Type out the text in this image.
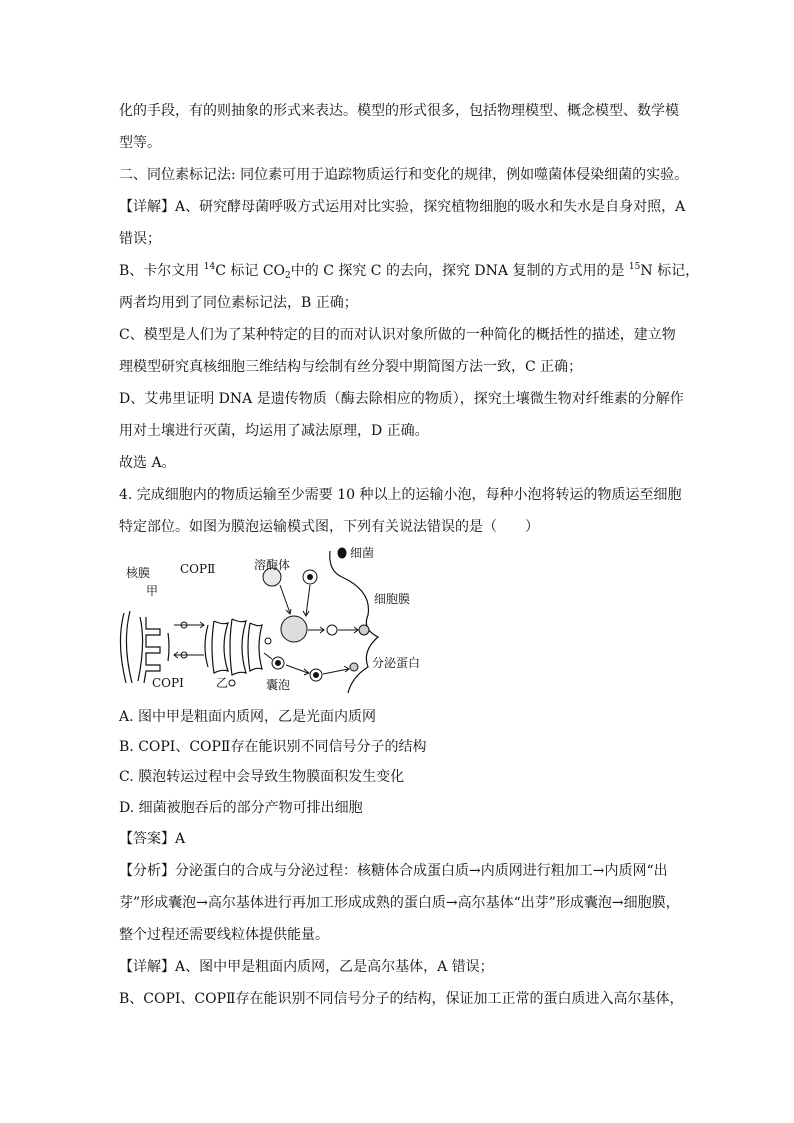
化的手段，有的则抽象的形式来表达。模型的形式很多，包括物理模型、概念模型、数学模
型等。
二、同位素标记法: 同位素可用于追踪物质运行和变化的规律，例如噬菌体侵染细菌的实验。
【详解】A、研究酵母菌呼吸方式运用对比实验，探究植物细胞的吸水和失水是自身对照，A
错误；
B、卡尔文用 $^{14}$C 标记 $CO_2$中的 C 探究 C 的去向，探究 DNA 复制的方式用的是 $^{15}$N 标记，
两者均用到了同位素标记法，B 正确；
C、模型是人们为了某种特定的目的而对认识对象所做的一种简化的概括性的描述，建立物
理模型研究真核细胞三维结构与绘制有丝分裂中期简图方法一致，C 正确；
D、艾弗里证明 DNA 是遗传物质（酶去除相应的物质），探究土壤微生物对纤维素的分解作
用对土壤进行灭菌，均运用了减法原理，D 正确。
故选 A。
4. 完成细胞内的物质运输至少需要 10 种以上的运输小泡，每种小泡将转运的物质运至细胞
特定部位。如图为膜泡运输模式图，下列有关说法错误的是（　　）
核膜
甲
COPⅡ
COPⅠ	乙
溶酶体
细菌
细胞膜
囊泡
分泌蛋白
A. 图中甲是粗面内质网，乙是光面内质网
B. COPⅠ、COPⅡ存在能识别不同信号分子的结构
C. 膜泡转运过程中会导致生物膜面积发生变化
D. 细菌被胞吞后的部分产物可排出细胞
【答案】A
【分析】分泌蛋白的合成与分泌过程：核糖体合成蛋白质→内质网进行粗加工→内质网“出
芽”形成囊泡→高尔基体进行再加工形成成熟的蛋白质→高尔基体“出芽”形成囊泡→细胞膜，
整个过程还需要线粒体提供能量。
【详解】A、图中甲是粗面内质网，乙是高尔基体，A 错误；
B、COPⅠ、COPⅡ存在能识别不同信号分子的结构，保证加工正常的蛋白质进入高尔基体，
